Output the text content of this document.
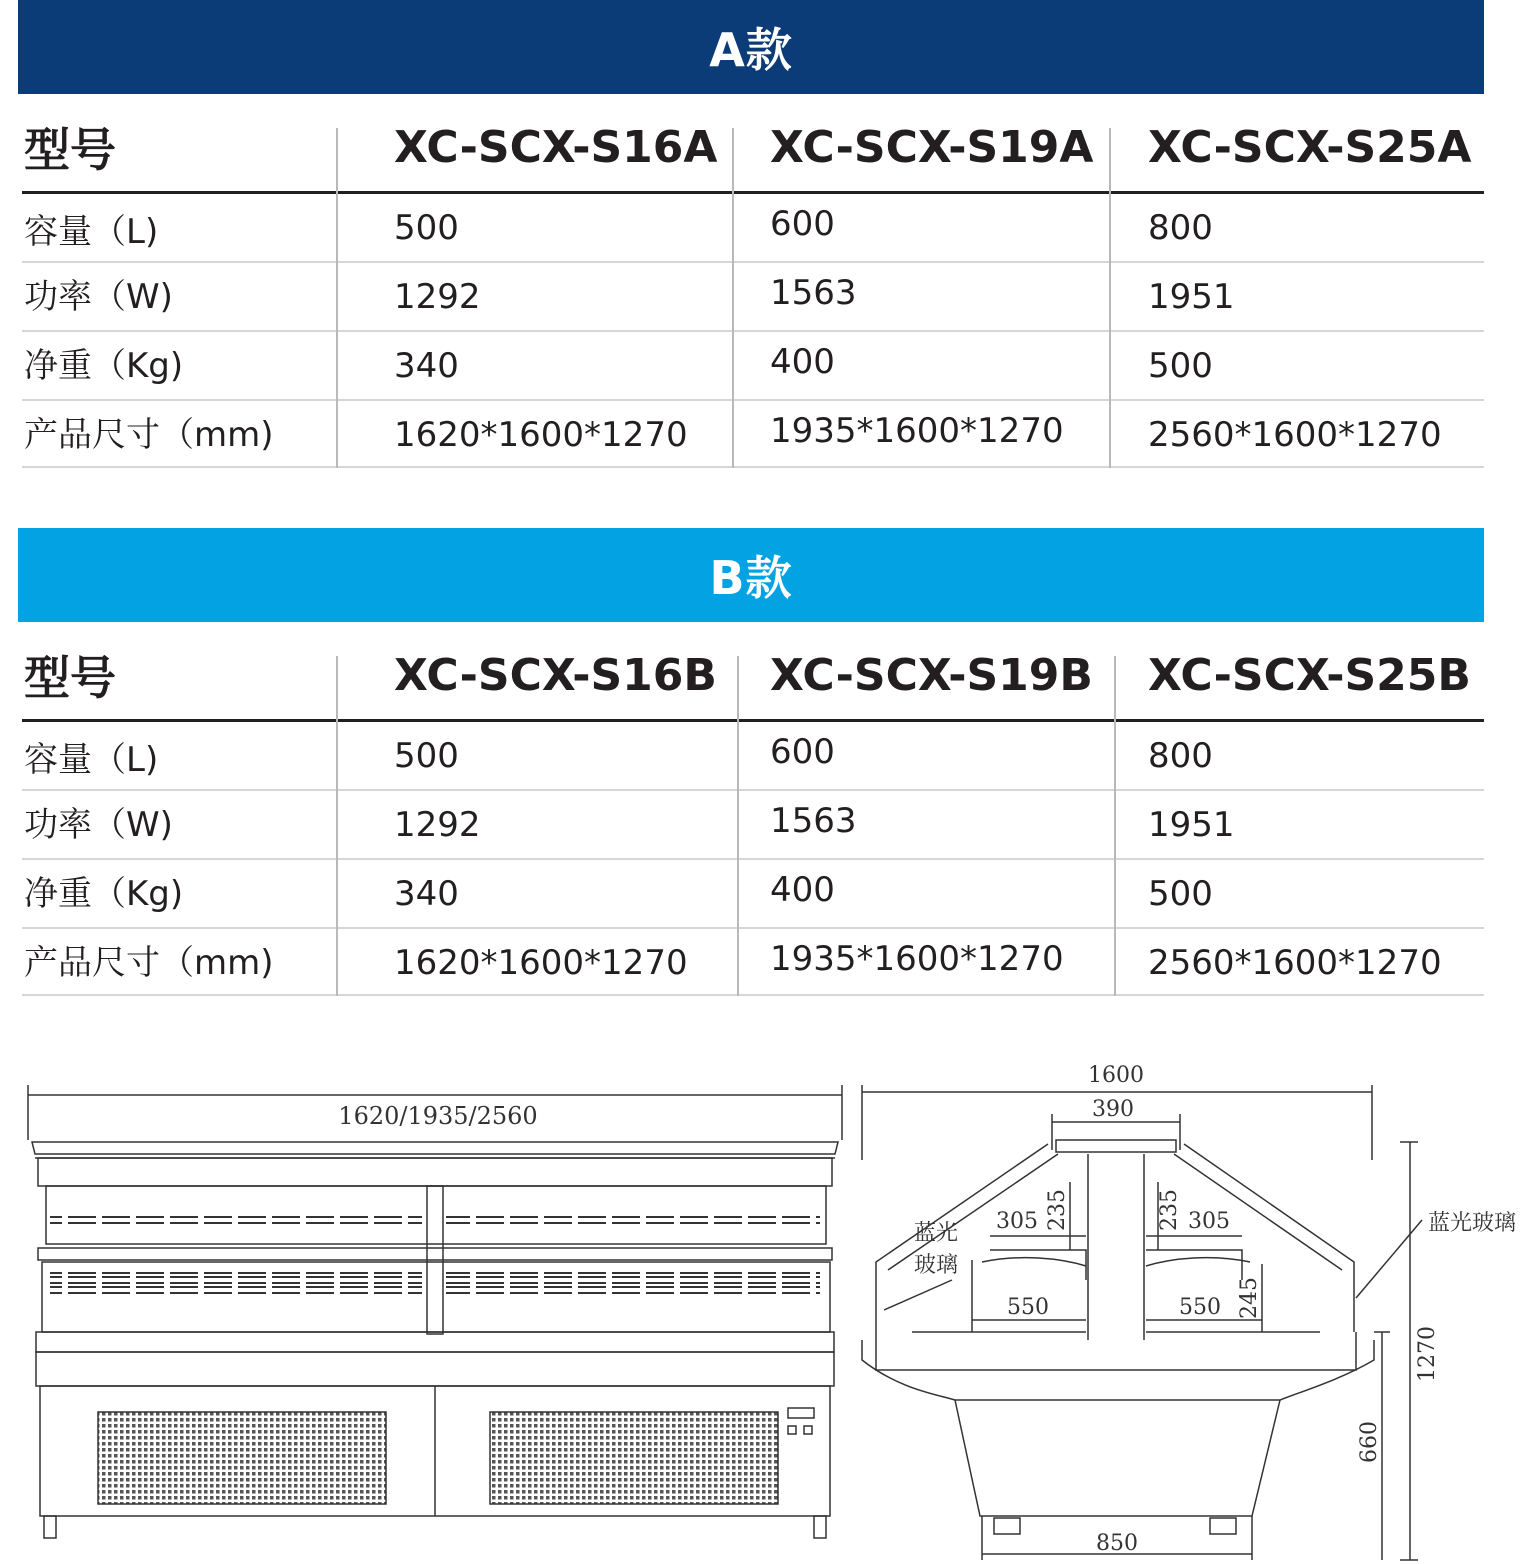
A款
型号	XC-SCX-S16A XC-SCX-S19A XC-SCX-S25A
容量（L)	500	600	800
功率（W)	1292	1563	1951
净重（Kg)	340	400	500
产品尺寸（mm)	1620*1600*1270 1935*1600*1270 2560*1600*1270
B款
型号	XC-SCX-S16B XC-SCX-S19B XC-SCX-S25B
容量（L)	500	600	800
功率（W)	1292	1563	1951
净重（Kg)	340	400	500
产品尺寸（mm)	1620*1600*1270 1935*1600*1270 2560*1600*1270
1620/1935/2560
1600
390
305	305
235	235
550	550 245
1270
660
850
蓝光
玻璃
蓝光玻璃
